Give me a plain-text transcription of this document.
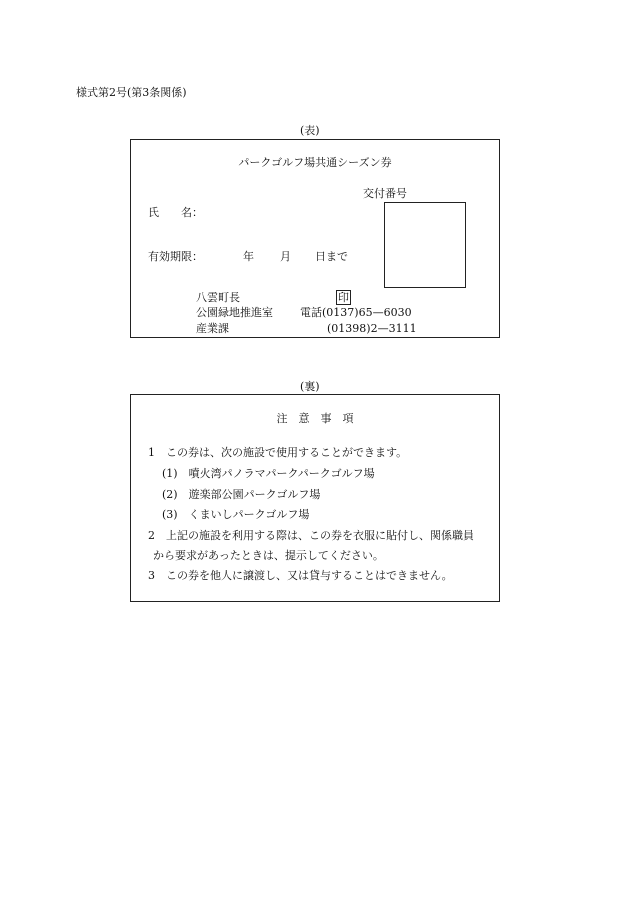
様式第2号(第3条関係)
(表)
パークゴルフ場共通シーズン券
交付番号
氏　　名：
有効期限：	年 月 日まで
八雲町長	印
公園緑地推進室 電話(0137)65—6030
産業課	(01398)2—3111
(裏)
注　意　事　項
1　この券は、次の施設で使用することができます。
(1)　噴火湾パノラマパークパークゴルフ場
(2)　遊楽部公園パークゴルフ場
(3)　くまいしパークゴルフ場
2　上記の施設を利用する際は、この券を衣服に貼付し、関係職員
から要求があったときは、提示してください。
3　この券を他人に譲渡し、又は貸与することはできません。
